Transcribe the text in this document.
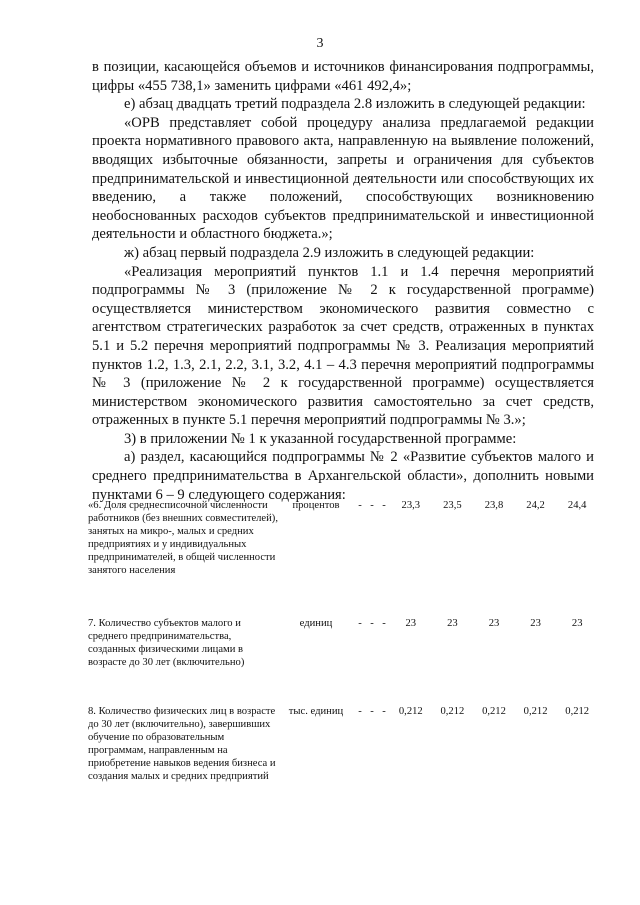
3

в позиции, касающейся объемов и источников финансирования подпрограммы, цифры «455 738,1» заменить цифрами «461 492,4»;

е) абзац двадцать третий подраздела 2.8 изложить в следующей редакции:

«ОРВ представляет собой процедуру анализа предлагаемой редакции проекта нормативного правового акта, направленную на выявление положений, вводящих избыточные обязанности, запреты и ограничения для субъектов предпринимательской и инвестиционной деятельности или способствующих их введению, а также положений, способствующих возникновению необоснованных расходов субъектов предпринимательской и инвестиционной деятельности и областного бюджета.»;

ж) абзац первый подраздела 2.9 изложить в следующей редакции:

«Реализация мероприятий пунктов 1.1 и 1.4 перечня мероприятий подпрограммы № 3 (приложение № 2 к государственной программе) осуществляется министерством экономического развития совместно с агентством стратегических разработок за счет средств, отраженных в пунктах 5.1 и 5.2 перечня мероприятий подпрограммы № 3. Реализация мероприятий пунктов 1.2, 1.3, 2.1, 2.2, 3.1, 3.2, 4.1 – 4.3 перечня мероприятий подпрограммы № 3 (приложение № 2 к государственной программе) осуществляется министерством экономического развития самостоятельно за счет средств, отраженных в пункте 5.1 перечня мероприятий подпрограммы № 3.»;

3) в приложении № 1 к указанной государственной программе:

а) раздел, касающийся подпрограммы № 2 «Развитие субъектов малого и среднего предпринимательства в Архангельской области», дополнить новыми пунктами 6 – 9 следующего содержания:

«6. Доля среднесписочной численности работников (без внешних совместителей), занятых на микро-, малых и средних предприятиях и у индивидуальных предпринимателей, в общей численности занятого населения	процентов	-	-	-	23,3	23,5	23,8	24,2	24,4
7. Количество субъектов малого и среднего предпринимательства, созданных физическими лицами в возрасте до 30 лет (включительно)	единиц	-	-	-	23	23	23	23	23
8. Количество физических лиц в возрасте до 30 лет (включительно), завершивших обучение по образовательным программам, направленным на приобретение навыков ведения бизнеса и создания малых и средних предприятий	тыс. единиц	-	-	-	0,212	0,212	0,212	0,212	0,212
